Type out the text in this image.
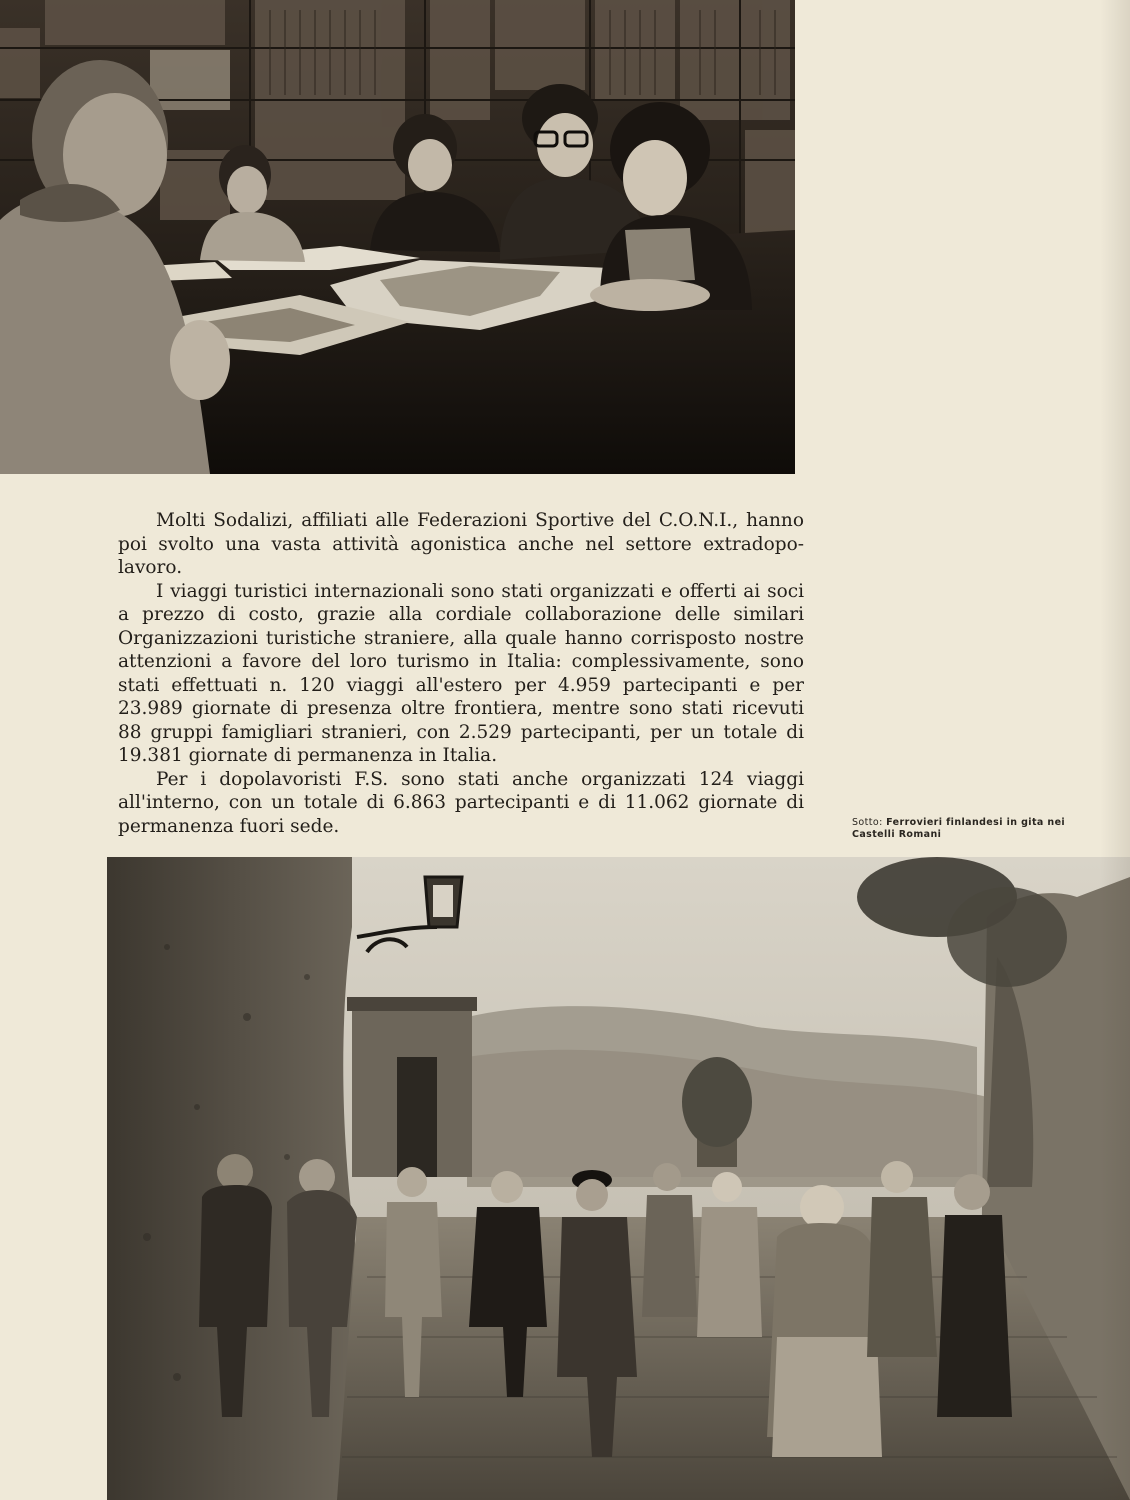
Molti Sodalizi, affiliati alle Federazioni Sportive del C.O.N.I., hanno poi svolto una vasta attività agonistica anche nel settore extradopolavoro.

I viaggi turistici internazionali sono stati organizzati e offerti ai soci a prezzo di costo, grazie alla cordiale collaborazione delle similari Organizzazioni turistiche straniere, alla quale hanno corrisposto nostre attenzioni a favore del loro turismo in Italia: complessivamente, sono stati effettuati n. 120 viaggi all'estero per 4.959 partecipanti e per 23.989 giornate di presenza oltre frontiera, mentre sono stati ricevuti 88 gruppi famigliari stranieri, con 2.529 partecipanti, per un totale di 19.381 giornate di permanenza in Italia.

Per i dopolavoristi F.S. sono stati anche organizzati 124 viaggi all'interno, con un totale di 6.863 partecipanti e di 11.062 giornate di permanenza fuori sede.	Sotto: Ferrovieri finlandesi in gita nei Castelli Romani
